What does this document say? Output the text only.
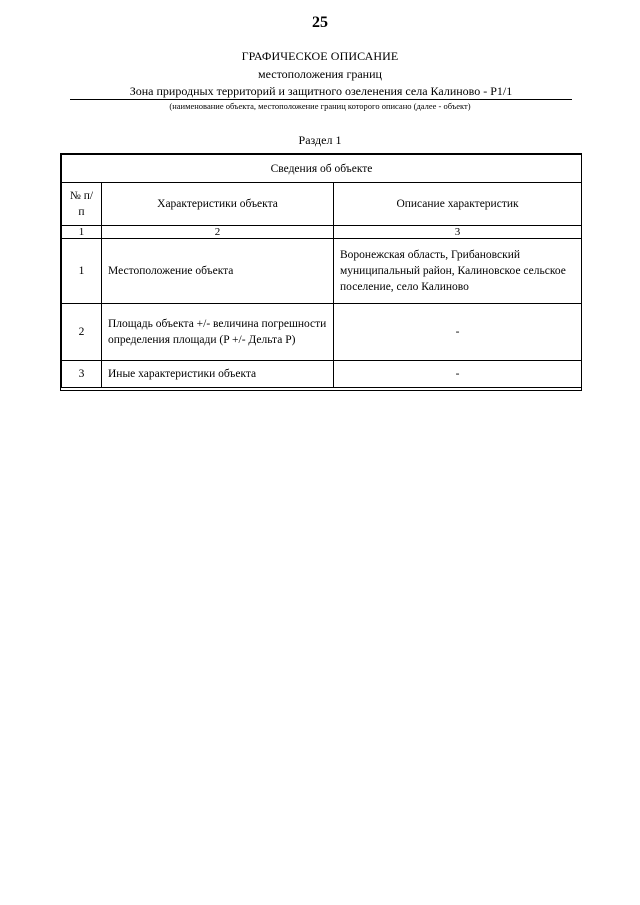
25
ГРАФИЧЕСКОЕ ОПИСАНИЕ
местоположения границ
Зона природных территорий и защитного озеленения села Калиново - Р1/1
(наименование объекта, местоположение границ которого описано (далее - объект)
Раздел 1
Сведения об объекте		
№ п/п	Характеристики объекта	Описание характеристик
1	2	3
1	Местоположение объекта	Воронежская область, Грибановский муниципальный район, Калиновское сельское поселение, село Калиново
2	Площадь объекта +/- величина погрешности определения площади (P +/- Дельта P)	-
3	Иные характеристики объекта	-
